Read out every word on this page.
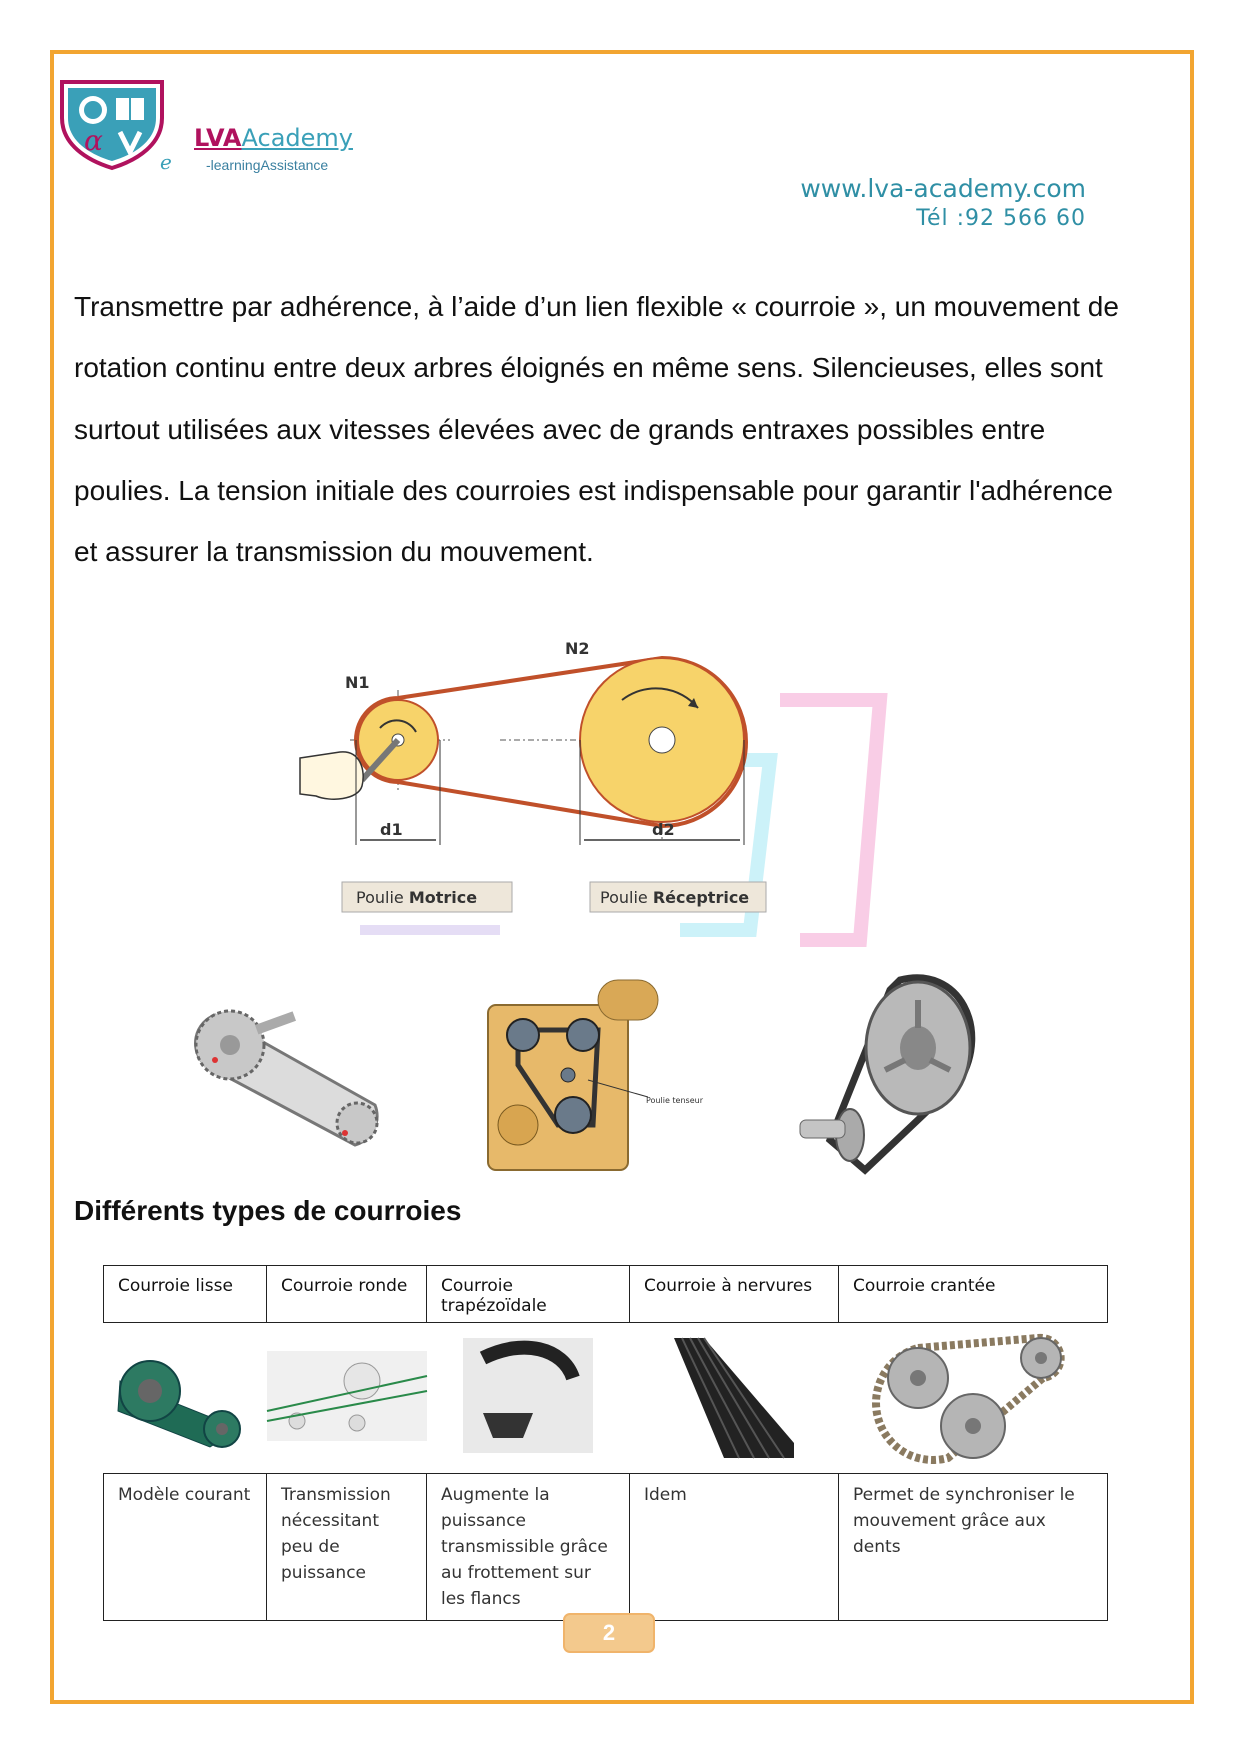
α
e
LVAAcademy
-learningAssistance
www.lva-academy.com
Tél :92 566 60
Transmettre par adhérence, à l’aide d’un lien flexible « courroie », un mouvement de rotation continu entre deux arbres éloignés en même sens. Silencieuses, elles sont surtout utilisées aux vitesses élevées avec de grands entraxes possibles entre poulies. La tension initiale des courroies est indispensable pour garantir l'adhérence et assurer la transmission du mouvement.
N1
N2
d1	d2
Poulie Motrice	Poulie Réceptrice
Poulie tenseur
Différents types de courroies
Courroie lisse	Courroie ronde	Courroie trapézoïdale	Courroie à nervures	Courroie crantée

Modèle courant	Transmission nécessitant peu de puissance	Augmente la puissance transmissible grâce au frottement sur les flancs	Idem	Permet de synchroniser le mouvement grâce aux dents
2
